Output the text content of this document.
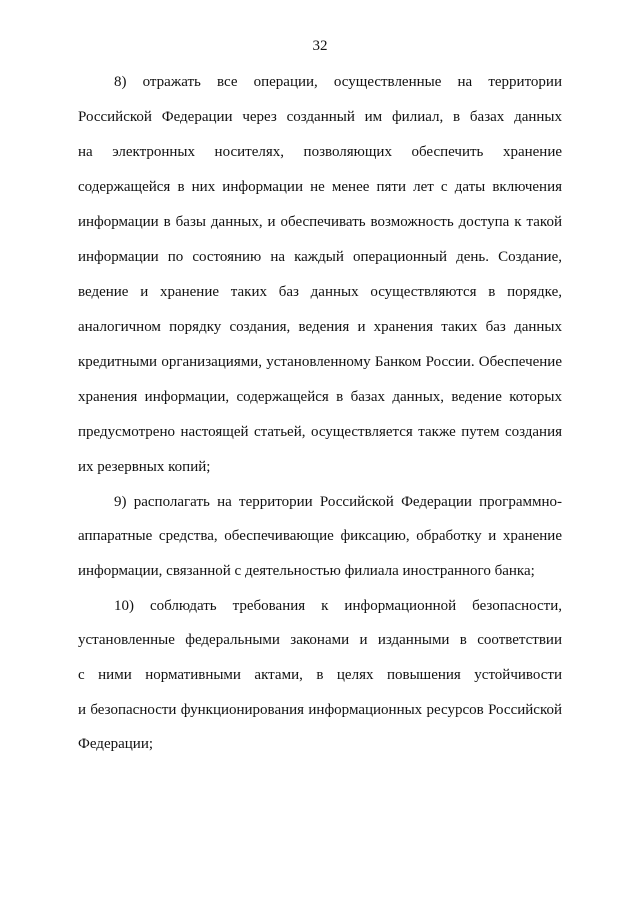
32
8) отражать все операции, осуществленные на территории
Российской Федерации через созданный им филиал, в базах данных
на электронных носителях, позволяющих обеспечить хранение
содержащейся в них информации не менее пяти лет с даты включения
информации в базы данных, и обеспечивать возможность доступа к такой
информации по состоянию на каждый операционный день. Создание,
ведение и хранение таких баз данных осуществляются в порядке,
аналогичном порядку создания, ведения и хранения таких баз данных
кредитными организациями, установленному Банком России. Обеспечение
хранения информации, содержащейся в базах данных, ведение которых
предусмотрено настоящей статьей, осуществляется также путем создания
их резервных копий;
9) располагать на территории Российской Федерации программно-
аппаратные средства, обеспечивающие фиксацию, обработку и хранение
информации, связанной с деятельностью филиала иностранного банка;
10) соблюдать требования к информационной безопасности,
установленные федеральными законами и изданными в соответствии
с ними нормативными актами, в целях повышения устойчивости
и безопасности функционирования информационных ресурсов Российской
Федерации;
